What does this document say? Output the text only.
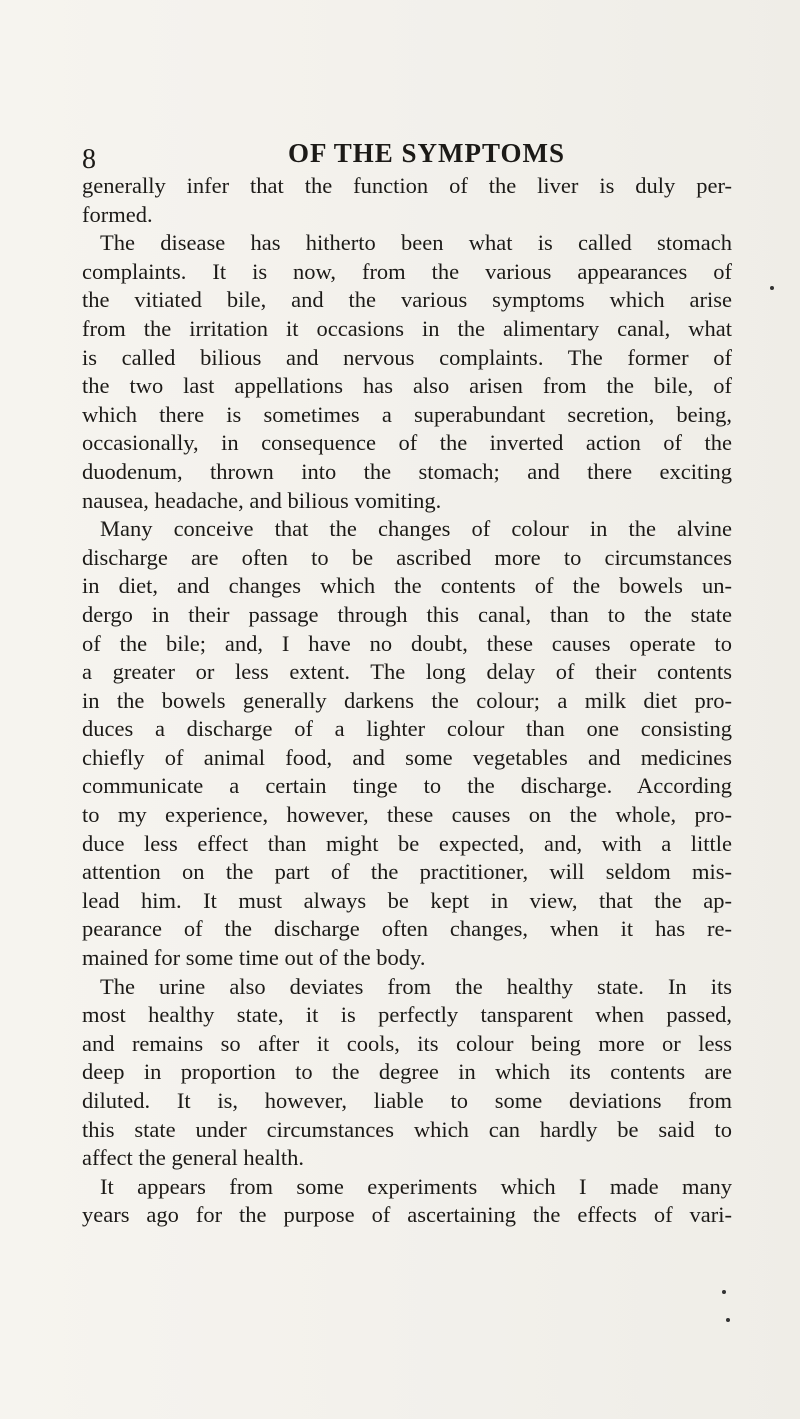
8	OF THE SYMPTOMS
generally infer that the function of the liver is duly per-
formed.
The disease has hitherto been what is called stomach
complaints. It is now, from the various appearances of
the vitiated bile, and the various symptoms which arise
from the irritation it occasions in the alimentary canal, what
is called bilious and nervous complaints. The former of
the two last appellations has also arisen from the bile, of
which there is sometimes a superabundant secretion, being,
occasionally, in consequence of the inverted action of the
duodenum, thrown into the stomach; and there exciting
nausea, headache, and bilious vomiting.
Many conceive that the changes of colour in the alvine
discharge are often to be ascribed more to circumstances
in diet, and changes which the contents of the bowels un-
dergo in their passage through this canal, than to the state
of the bile; and, I have no doubt, these causes operate to
a greater or less extent. The long delay of their contents
in the bowels generally darkens the colour; a milk diet pro-
duces a discharge of a lighter colour than one consisting
chiefly of animal food, and some vegetables and medicines
communicate a certain tinge to the discharge. According
to my experience, however, these causes on the whole, pro-
duce less effect than might be expected, and, with a little
attention on the part of the practitioner, will seldom mis-
lead him. It must always be kept in view, that the ap-
pearance of the discharge often changes, when it has re-
mained for some time out of the body.
The urine also deviates from the healthy state. In its
most healthy state, it is perfectly tansparent when passed,
and remains so after it cools, its colour being more or less
deep in proportion to the degree in which its contents are
diluted. It is, however, liable to some deviations from
this state under circumstances which can hardly be said to
affect the general health.
It appears from some experiments which I made many
years ago for the purpose of ascertaining the effects of vari-
